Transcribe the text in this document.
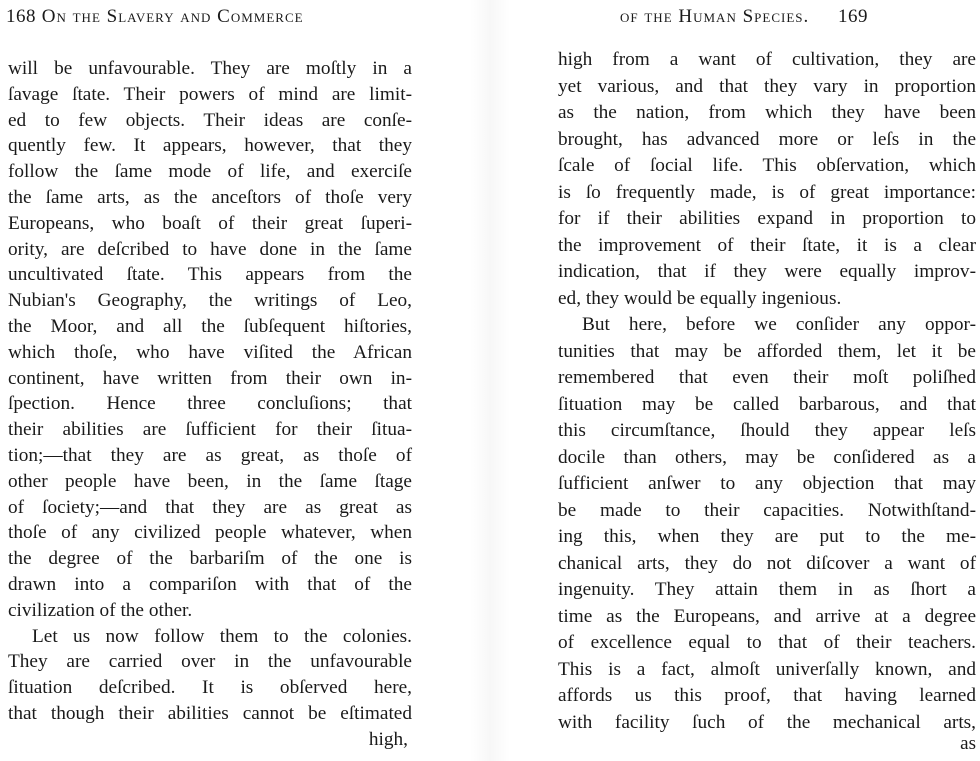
168 On the Slavery and Commerce
will be unfavourable. They are moſtly in a
ſavage ſtate. Their powers of mind are limit-
ed to few objects. Their ideas are conſe-
quently few. It appears, however, that they
follow the ſame mode of life, and exerciſe
the ſame arts, as the anceſtors of thoſe very
Europeans, who boaſt of their great ſuperi-
ority, are deſcribed to have done in the ſame
uncultivated ſtate. This appears from the
Nubian's Geography, the writings of Leo,
the Moor, and all the ſubſequent hiſtories,
which thoſe, who have viſited the African
continent, have written from their own in-
ſpection. Hence three concluſions; that
their abilities are ſufficient for their ſitua-
tion;—that they are as great, as thoſe of
other people have been, in the ſame ſtage
of ſociety;—and that they are as great as
thoſe of any civilized people whatever, when
the degree of the barbariſm of the one is
drawn into a compariſon with that of the
civilization of the other.
Let us now follow them to the colonies.
They are carried over in the unfavourable
ſituation deſcribed. It is obſerved here,
that though their abilities cannot be eſtimated
high,
of the Human Species. 169
high from a want of cultivation, they are
yet various, and that they vary in proportion
as the nation, from which they have been
brought, has advanced more or leſs in the
ſcale of ſocial life. This obſervation, which
is ſo frequently made, is of great importance:
for if their abilities expand in proportion to
the improvement of their ſtate, it is a clear
indication, that if they were equally improv-
ed, they would be equally ingenious.
But here, before we conſider any oppor-
tunities that may be afforded them, let it be
remembered that even their moſt poliſhed
ſituation may be called barbarous, and that
this circumſtance, ſhould they appear leſs
docile than others, may be conſidered as a
ſufficient anſwer to any objection that may
be made to their capacities. Notwithſtand-
ing this, when they are put to the me-
chanical arts, they do not diſcover a want of
ingenuity. They attain them in as ſhort a
time as the Europeans, and arrive at a degree
of excellence equal to that of their teachers.
This is a fact, almoſt univerſally known, and
affords us this proof, that having learned
with facility ſuch of the mechanical arts,
as
